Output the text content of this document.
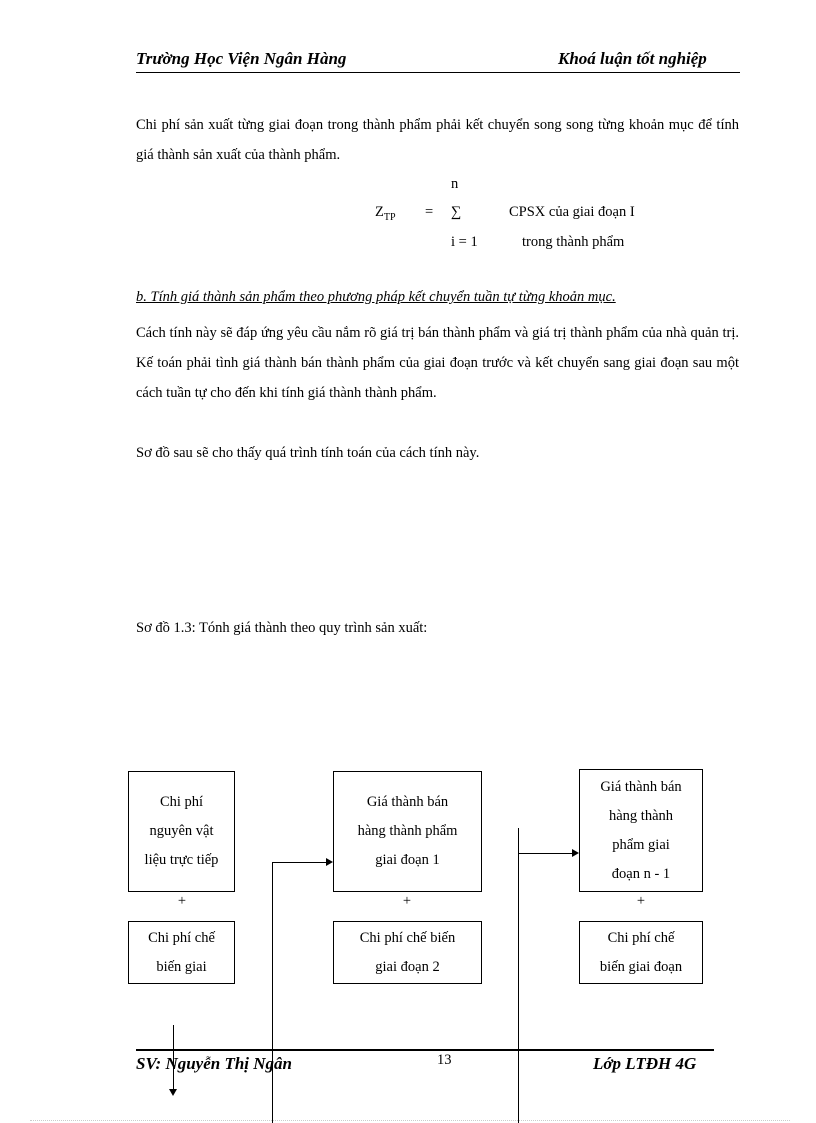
Trường Học Viện Ngân Hàng	Khoá luận tốt nghiệp
Chi phí sản xuất từng giai đoạn trong thành phẩm phải kết chuyển song song từng khoản mục để tính giá thành sản xuất của thành phẩm.
n
$Z_{TP}$ = ∑	CPSX của giai đoạn I
i = 1	trong thành phẩm
b. Tính giá thành sản phẩm theo phương pháp kết chuyển tuần tự từng khoản mục.
Cách tính này sẽ đáp ứng yêu cầu nắm rõ giá trị bán thành phẩm và giá trị thành phẩm của nhà quản trị. Kế toán phải tình giá thành bán thành phẩm của giai đoạn trước và kết chuyển sang giai đoạn sau một cách tuần tự cho đến khi tính giá thành thành phẩm.
Sơ đồ sau sẽ cho thấy quá trình tính toán của cách tính này.
Sơ đồ 1.3: Tónh giá thành theo quy trình sản xuất:
Chi phí
nguyên vật
liệu trực tiếp
+
Chi phí chế
biến giai
Giá thành bán
hàng thành phẩm
giai đoạn 1
+
Chi phí chế biến
giai đoạn 2
Giá thành bán
hàng thành
phẩm giai
đoạn n - 1
+
Chi phí chế
biến giai đoạn
SV: Nguyễn Thị Ngân	13	Lớp LTĐH 4G
